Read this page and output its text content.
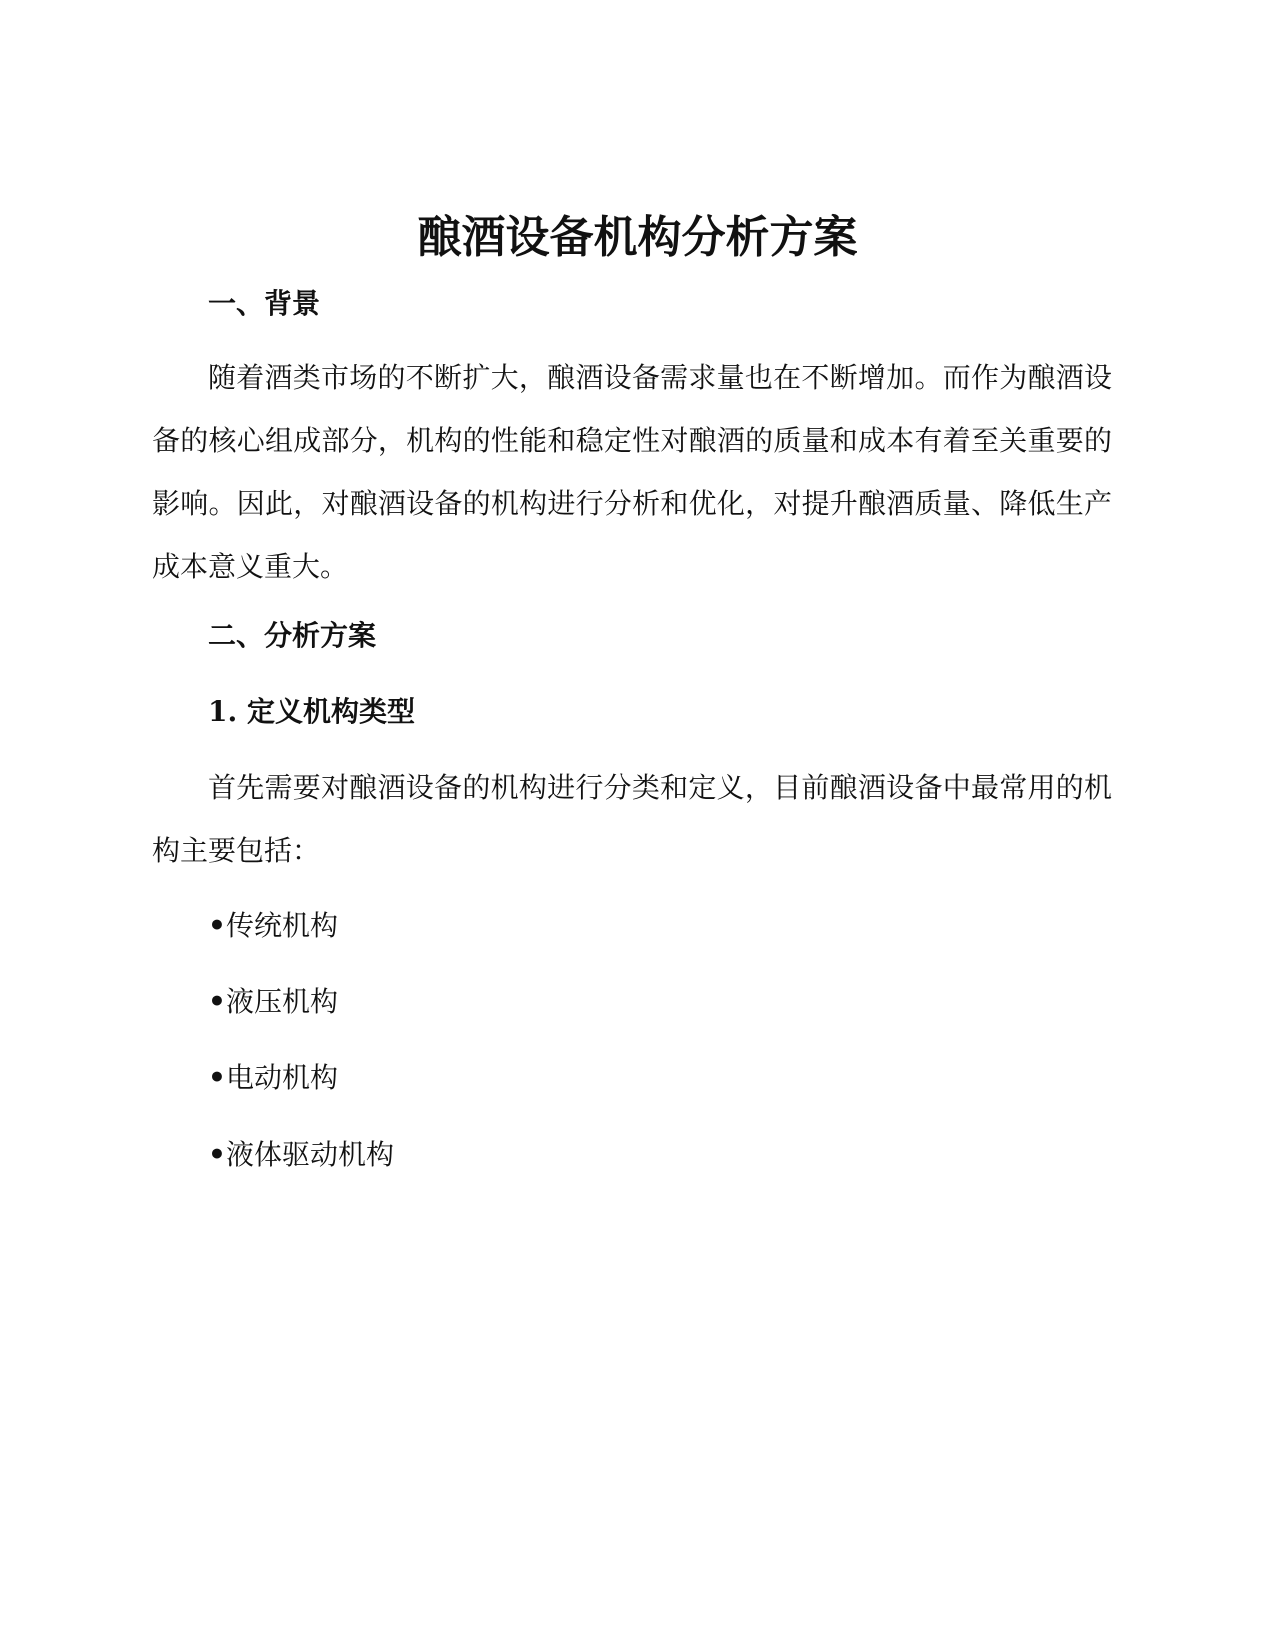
酿酒设备机构分析方案
一、背景

随着酒类市场的不断扩大，酿酒设备需求量也在不断增加。而作为酿酒设备的核心组成部分，机构的性能和稳定性对酿酒的质量和成本有着至关重要的影响。因此，对酿酒设备的机构进行分析和优化，对提升酿酒质量、降低生产成本意义重大。

二、分析方案
1. 定义机构类型

首先需要对酿酒设备的机构进行分类和定义，目前酿酒设备中最常用的机构主要包括：

•传统机构
•液压机构
•电动机构
•液体驱动机构
